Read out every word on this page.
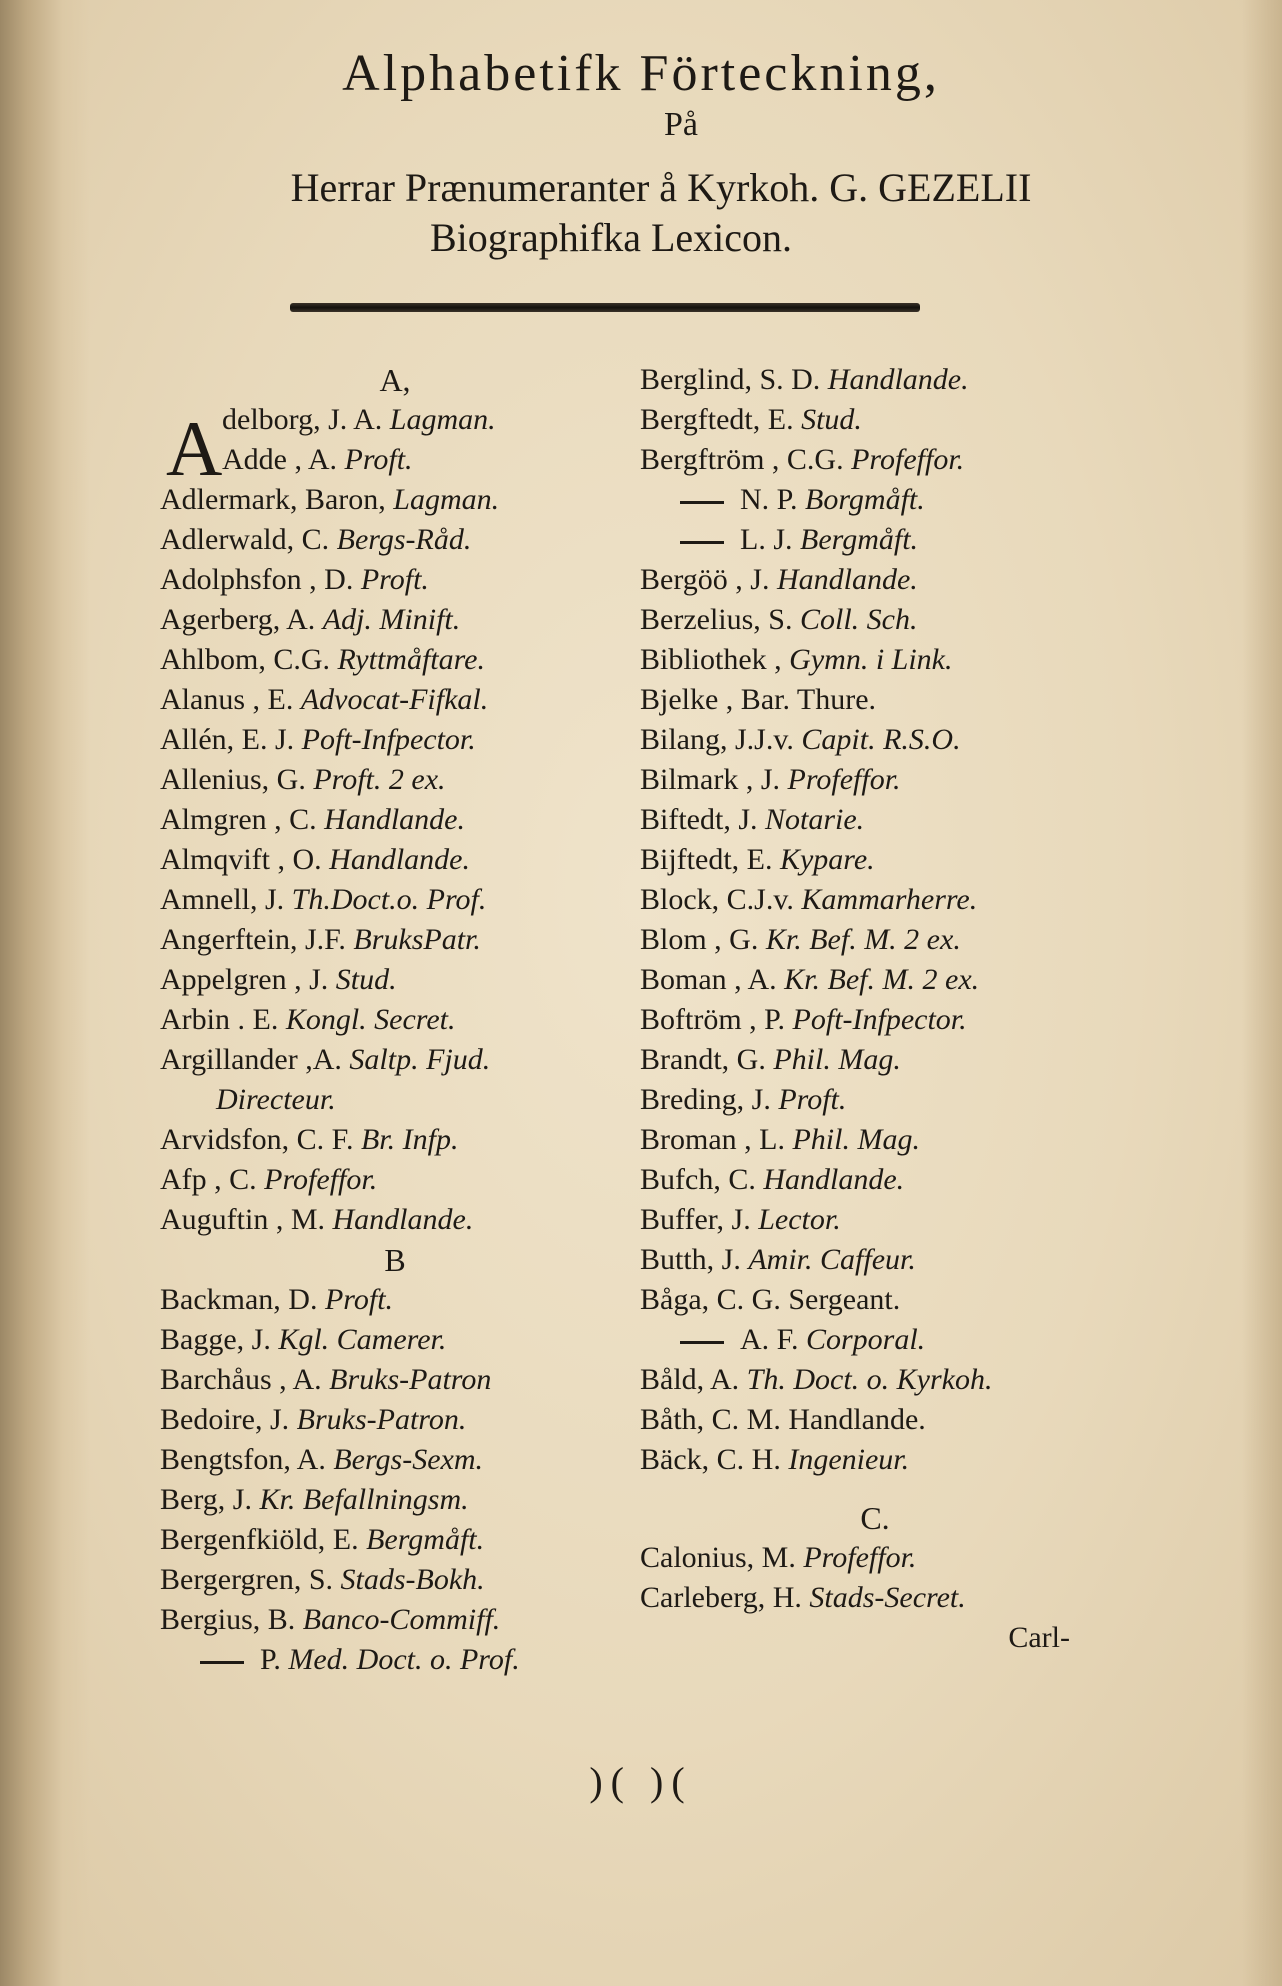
Alphabetifk Förteckning,
På
Herrar Prænumeranter å Kyrkoh. G. GEZELII
Biographifka Lexicon.
A,
A delborg, J. A. Lagman.
Adde , A. Proft.
Adlermark, Baron, Lagman.
Adlerwald, C. Bergs-Råd.
Adolphsfon , D. Proft.
Agerberg, A. Adj. Minift.
Ahlbom, C.G. Ryttmåftare.
Alanus , E. Advocat-Fifkal.
Allén, E. J. Poft-Infpector.
Allenius, G. Proft. 2 ex.
Almgren , C. Handlande.
Almqvift , O. Handlande.
Amnell, J. Th.Doct.o. Prof.
Angerftein, J.F. BruksPatr.
Appelgren , J. Stud.
Arbin . E. Kongl. Secret.
Argillander ,A. Saltp. Fjud.
Directeur.
Arvidsfon, C. F. Br. Infp.
Afp , C. Profeffor.
Auguftin , M. Handlande.
B
Backman, D. Proft.
Bagge, J. Kgl. Camerer.
Barchåus , A. Bruks-Patron
Bedoire, J. Bruks-Patron.
Bengtsfon, A. Bergs-Sexm.
Berg, J. Kr. Befallningsm.
Bergenfkiöld, E. Bergmåft.
Bergergren, S. Stads-Bokh.
Bergius, B. Banco-Commiff.
P. Med. Doct. o. Prof.
Berglind, S. D. Handlande.
Bergftedt, E. Stud.
Bergftröm , C.G. Profeffor.
N. P. Borgmåft.
L. J. Bergmåft.
Bergöö , J. Handlande.
Berzelius, S. Coll. Sch.
Bibliothek , Gymn. i Link.
Bjelke , Bar. Thure.
Bilang, J.J.v. Capit. R.S.O.
Bilmark , J. Profeffor.
Biftedt, J. Notarie.
Bijftedt, E. Kypare.
Block, C.J.v. Kammarherre.
Blom , G. Kr. Bef. M. 2 ex.
Boman , A. Kr. Bef. M. 2 ex.
Boftröm , P. Poft-Infpector.
Brandt, G. Phil. Mag.
Breding, J. Proft.
Broman , L. Phil. Mag.
Bufch, C. Handlande.
Buffer, J. Lector.
Butth, J. Amir. Caffeur.
Båga, C. G. Sergeant.
A. F. Corporal.
Båld, A. Th. Doct. o. Kyrkoh.
Båth, C. M. Handlande.
Bäck, C. H. Ingenieur.
C.
Calonius, M. Profeffor.
Carleberg, H. Stads-Secret.
Carl-
)( )(
